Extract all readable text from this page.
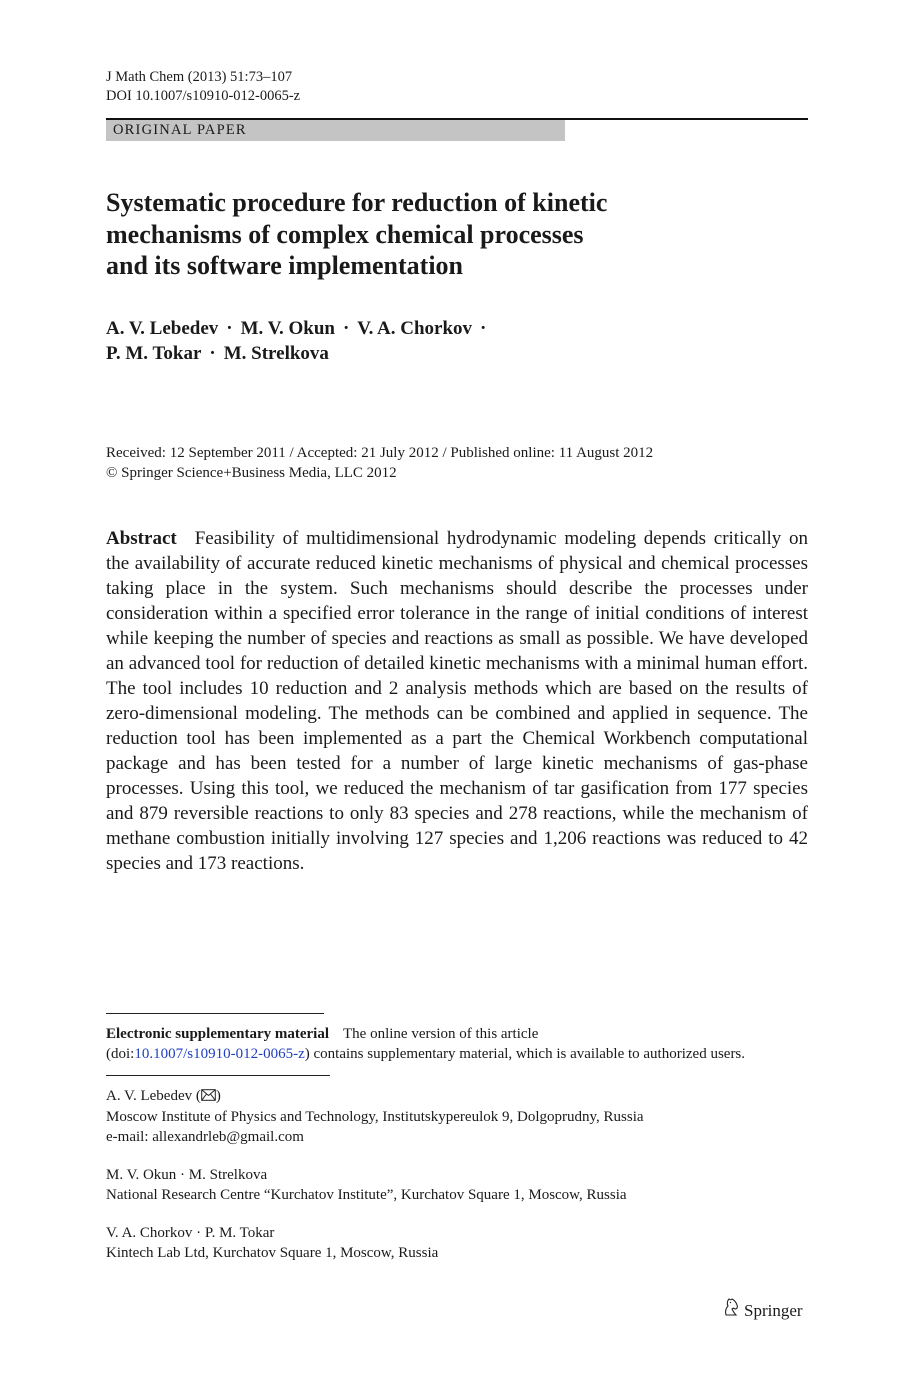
J Math Chem (2013) 51:73–107
DOI 10.1007/s10910-012-0065-z
ORIGINAL PAPER
Systematic procedure for reduction of kinetic
mechanisms of complex chemical processes
and its software implementation
A. V. Lebedev · M. V. Okun · V. A. Chorkov ·
P. M. Tokar · M. Strelkova
Received: 12 September 2011 / Accepted: 21 July 2012 / Published online: 11 August 2012
© Springer Science+Business Media, LLC 2012
Abstract Feasibility of multidimensional hydrodynamic modeling depends critically on the availability of accurate reduced kinetic mechanisms of physical and chemical processes taking place in the system. Such mechanisms should describe the processes under consideration within a specified error tolerance in the range of initial conditions of interest while keeping the number of species and reactions as small as possible. We have developed an advanced tool for reduction of detailed kinetic mechanisms with a minimal human effort. The tool includes 10 reduction and 2 analysis methods which are based on the results of zero-dimensional modeling. The methods can be combined and applied in sequence. The reduction tool has been implemented as a part the Chemical Workbench computational package and has been tested for a number of large kinetic mechanisms of gas-phase processes. Using this tool, we reduced the mechanism of tar gasification from 177 species and 879 reversible reactions to only 83 species and 278 reactions, while the mechanism of methane combustion initially involving 127 species and 1,206 reactions was reduced to 42 species and 173 reactions.
Electronic supplementary material The online version of this article
(doi:10.1007/s10910-012-0065-z) contains supplementary material, which is available to authorized users.
A. V. Lebedev ( )
Moscow Institute of Physics and Technology, Institutskypereulok 9, Dolgoprudny, Russia
e-mail: allexandrleb@gmail.com
M. V. Okun · M. Strelkova
National Research Centre “Kurchatov Institute”, Kurchatov Square 1, Moscow, Russia
V. A. Chorkov · P. M. Tokar
Kintech Lab Ltd, Kurchatov Square 1, Moscow, Russia
Springer
